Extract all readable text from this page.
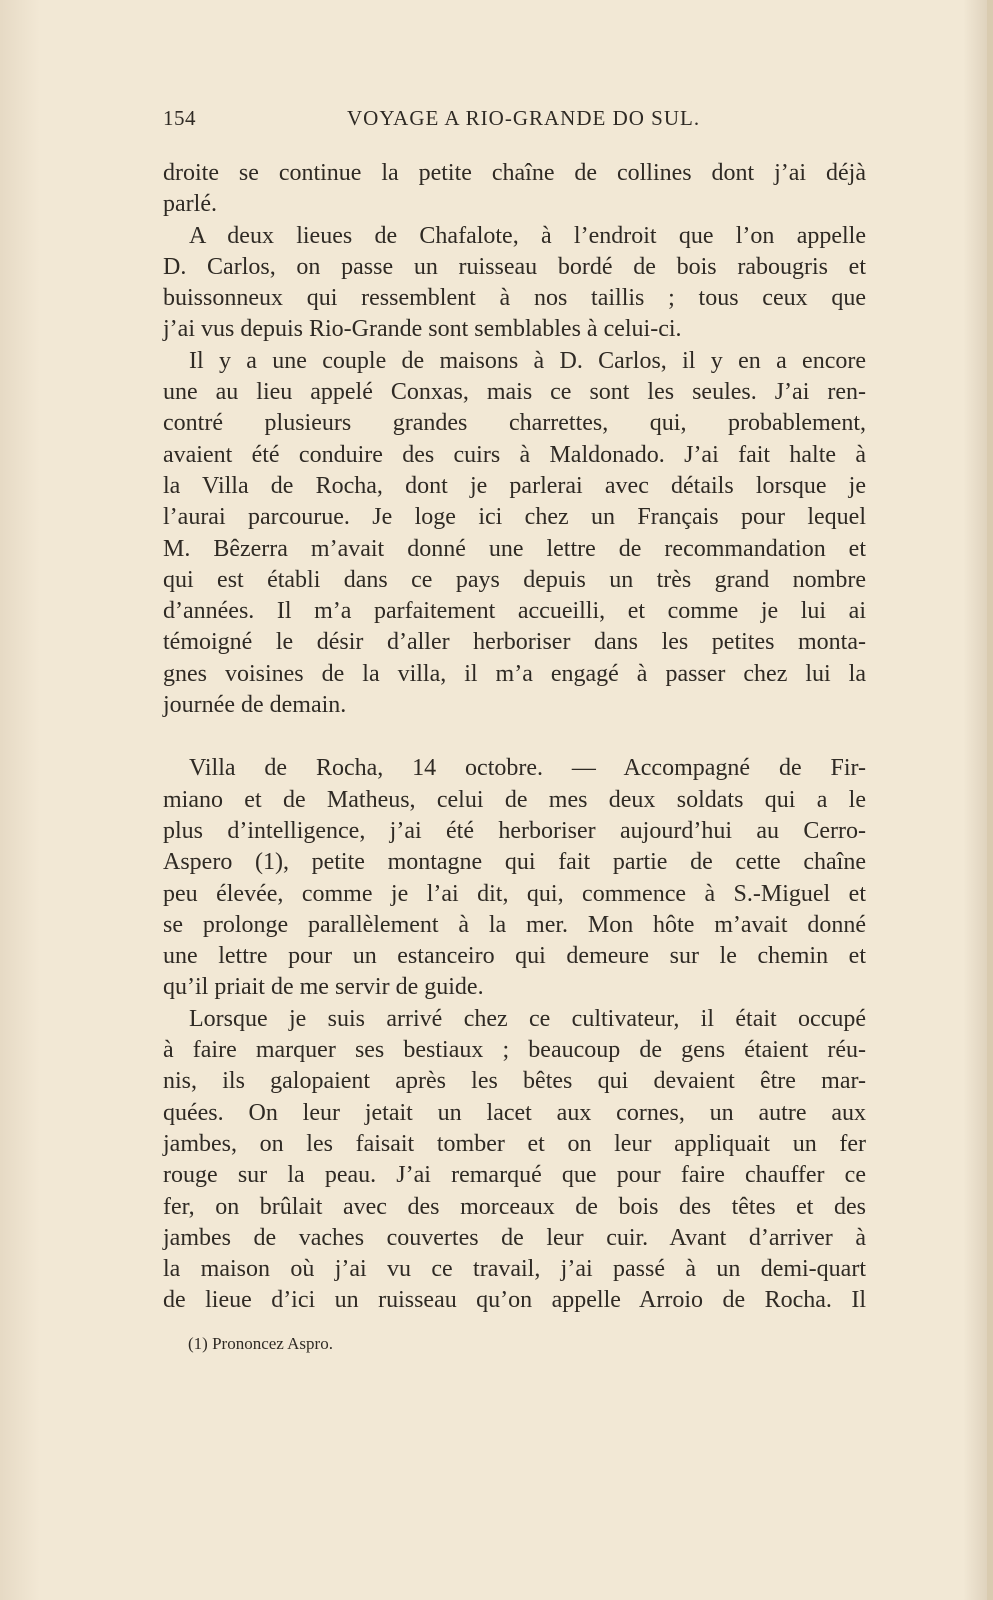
154	VOYAGE A RIO-GRANDE DO SUL.
droite se continue la petite chaîne de collines dont j’ai déjà
parlé.
A deux lieues de Chafalote, à l’endroit que l’on appelle
D. Carlos, on passe un ruisseau bordé de bois rabougris et
buissonneux qui ressemblent à nos taillis ; tous ceux que
j’ai vus depuis Rio-Grande sont semblables à celui-ci.
Il y a une couple de maisons à D. Carlos, il y en a encore
une au lieu appelé Conxas, mais ce sont les seules. J’ai ren-
contré plusieurs grandes charrettes, qui, probablement,
avaient été conduire des cuirs à Maldonado. J’ai fait halte à
la Villa de Rocha, dont je parlerai avec détails lorsque je
l’aurai parcourue. Je loge ici chez un Français pour lequel
M. Bêzerra m’avait donné une lettre de recommandation et
qui est établi dans ce pays depuis un très grand nombre
d’années. Il m’a parfaitement accueilli, et comme je lui ai
témoigné le désir d’aller herboriser dans les petites monta-
gnes voisines de la villa, il m’a engagé à passer chez lui la
journée de demain.
Villa de Rocha, 14 octobre. — Accompagné de Fir-
miano et de Matheus, celui de mes deux soldats qui a le
plus d’intelligence, j’ai été herboriser aujourd’hui au Cerro-
Aspero (1), petite montagne qui fait partie de cette chaîne
peu élevée, comme je l’ai dit, qui, commence à S.-Miguel et
se prolonge parallèlement à la mer. Mon hôte m’avait donné
une lettre pour un estanceiro qui demeure sur le chemin et
qu’il priait de me servir de guide.
Lorsque je suis arrivé chez ce cultivateur, il était occupé
à faire marquer ses bestiaux ; beaucoup de gens étaient réu-
nis, ils galopaient après les bêtes qui devaient être mar-
quées. On leur jetait un lacet aux cornes, un autre aux
jambes, on les faisait tomber et on leur appliquait un fer
rouge sur la peau. J’ai remarqué que pour faire chauffer ce
fer, on brûlait avec des morceaux de bois des têtes et des
jambes de vaches couvertes de leur cuir. Avant d’arriver à
la maison où j’ai vu ce travail, j’ai passé à un demi-quart
de lieue d’ici un ruisseau qu’on appelle Arroio de Rocha. Il
(1) Prononcez Aspro.
